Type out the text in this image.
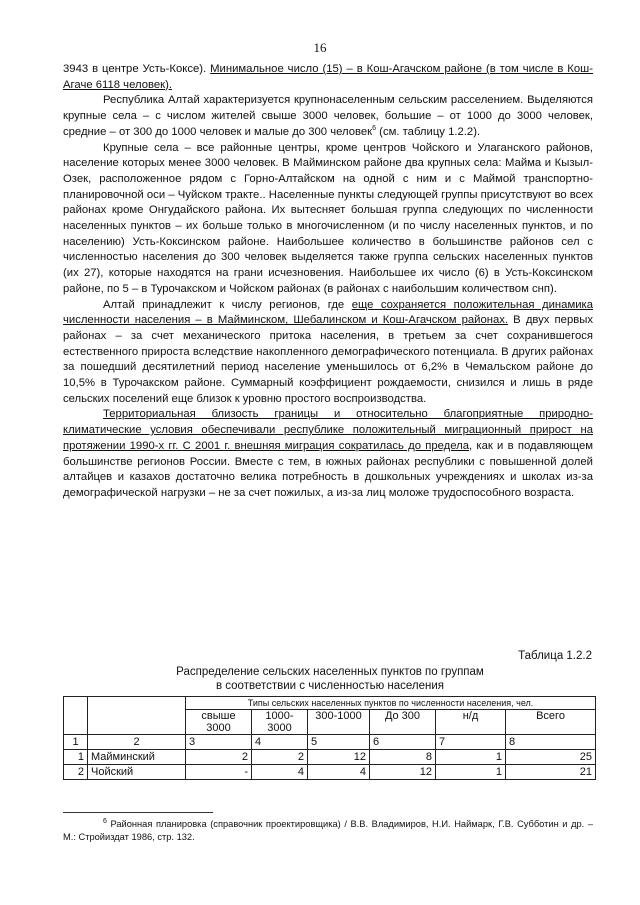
16

3943 в центре Усть-Коксе). Минимальное число (15) – в Кош-Агачском районе (в том числе в Кош-Агаче 6118 человек).

Республика Алтай характеризуется крупнонаселенным сельским расселением. Выделяются крупные села – с числом жителей свыше 3000 человек, большие – от 1000 до 3000 человек, средние – от 300 до 1000 человек и малые до 300 человек$^6$ (см. таблицу 1.2.2).

Крупные села – все районные центры, кроме центров Чойского и Улаганского районов, население которых менее 3000 человек. В Майминском районе два крупных села: Майма и Кызыл-Озек, расположенное рядом с Горно-Алтайском на одной с ним и с Маймой транспортно-планировочной оси – Чуйском тракте.. Населенные пункты следующей группы присутствуют во всех районах кроме Онгудайского района. Их вытесняет большая группа следующих по численности населенных пунктов – их больше только в многочисленном (и по числу населенных пунктов, и по населению) Усть-Коксинском районе. Наибольшее количество в большинстве районов сел с численностью населения до 300 человек выделяется также группа сельских населенных пунктов (их 27), которые находятся на грани исчезновения. Наибольшее их число (6) в Усть-Коксинском районе, по 5 – в Турочакском и Чойском районах (в районах с наибольшим количеством снп).

Алтай принадлежит к числу регионов, где еще сохраняется положительная динамика численности населения – в Майминском, Шебалинском и Кош-Агачском районах. В двух первых районах – за счет механического притока населения, в третьем за счет сохранившегося естественного прироста вследствие накопленного демографического потенциала. В других районах за пошедший десятилетний период население уменьшилось от 6,2% в Чемальском районе до 10,5% в Турочакском районе. Суммарный коэффициент рождаемости, снизился и лишь в ряде сельских поселений еще близок к уровню простого воспроизводства.

Территориальная близость границы и относительно благоприятные природно-климатические условия обеспечивали республике положительный миграционный прирост на протяжении 1990-х гг. С 2001 г. внешняя миграция сократилась до предела, как и в подавляющем большинстве регионов России. Вместе с тем, в южных районах республики с повышенной долей алтайцев и казахов достаточно велика потребность в дошкольных учреждениях и школах из-за демографической нагрузки – не за счет пожилых, а из-за лиц моложе трудоспособного возраста.

Таблица 1.2.2
Распределение сельских населенных пунктов по группам
в соответствии с численностью населения
		Типы сельских населенных пунктов по численности населения, чел.					
		свыше 3000	1000-3000	300-1000	До 300	н/д	Всего
1	2	3	4	5	6	7	8
1	Майминский	2	2	12	8	1	25
2	Чойский	-	4	4	12	1	21
$^6$ Районная планировка (справочник проектировщика) / В.В. Владимиров, Н.И. Наймарк, Г.В. Субботин и др. – М.: Стройиздат 1986, стр. 132.
